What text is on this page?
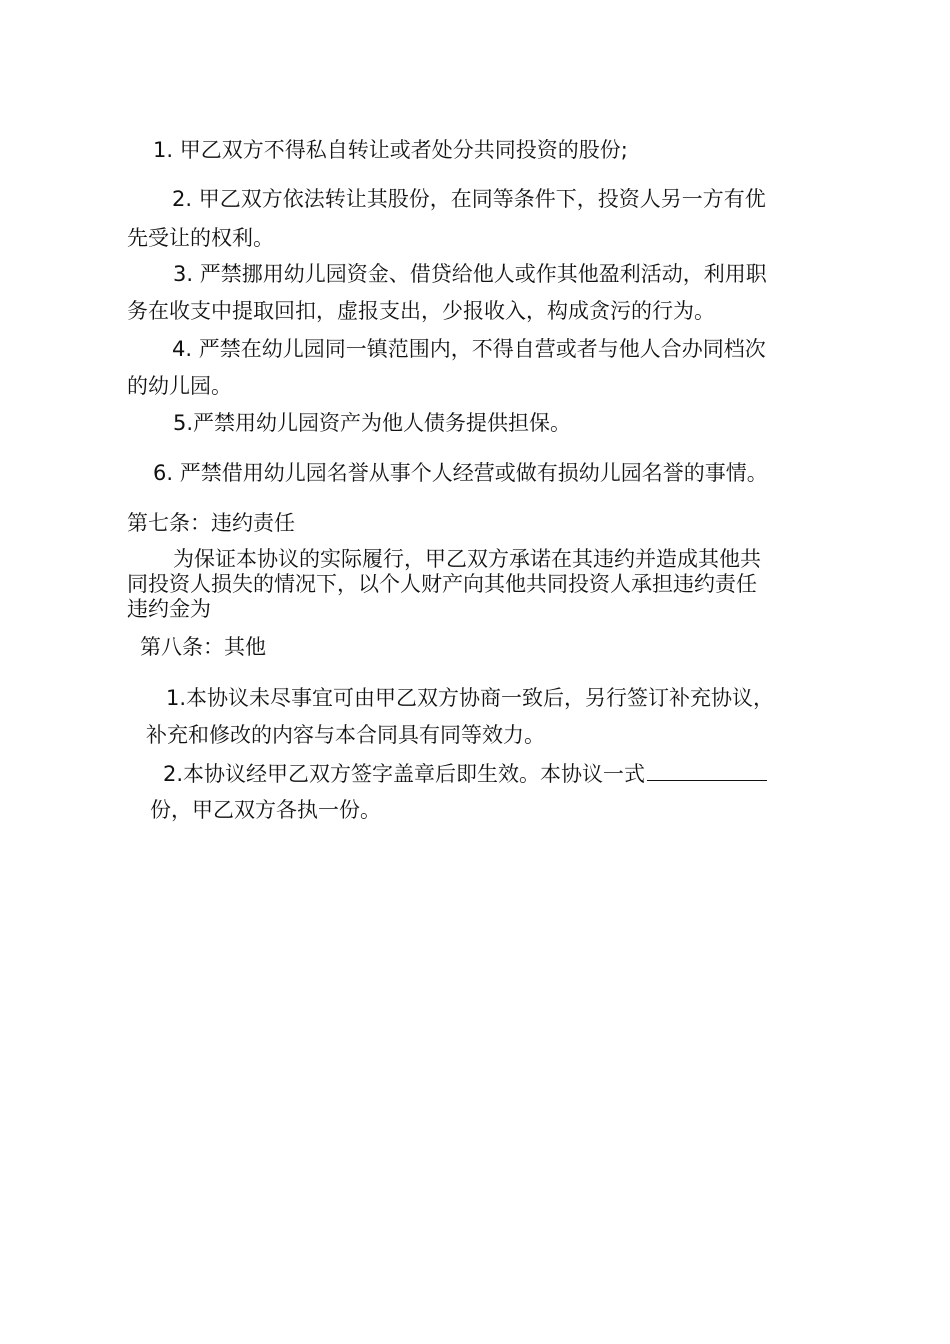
1. 甲乙双方不得私自转让或者处分共同投资的股份;
2. 甲乙双方依法转让其股份，在同等条件下，投资人另一方有优
先受让的权利。
3. 严禁挪用幼儿园资金、借贷给他人或作其他盈利活动，利用职
务在收支中提取回扣，虚报支出，少报收入，构成贪污的行为。
4. 严禁在幼儿园同一镇范围内，不得自营或者与他人合办同档次
的幼儿园。
5.严禁用幼儿园资产为他人债务提供担保。
6. 严禁借用幼儿园名誉从事个人经营或做有损幼儿园名誉的事情。
第七条：违约责任
为保证本协议的实际履行，甲乙双方承诺在其违约并造成其他共
同投资人损失的情况下，以个人财产向其他共同投资人承担违约责任
违约金为
第八条：其他
1.本协议未尽事宜可由甲乙双方协商一致后，另行签订补充协议，
补充和修改的内容与本合同具有同等效力。
2.本协议经甲乙双方签字盖章后即生效。本协议一式
份，甲乙双方各执一份。
